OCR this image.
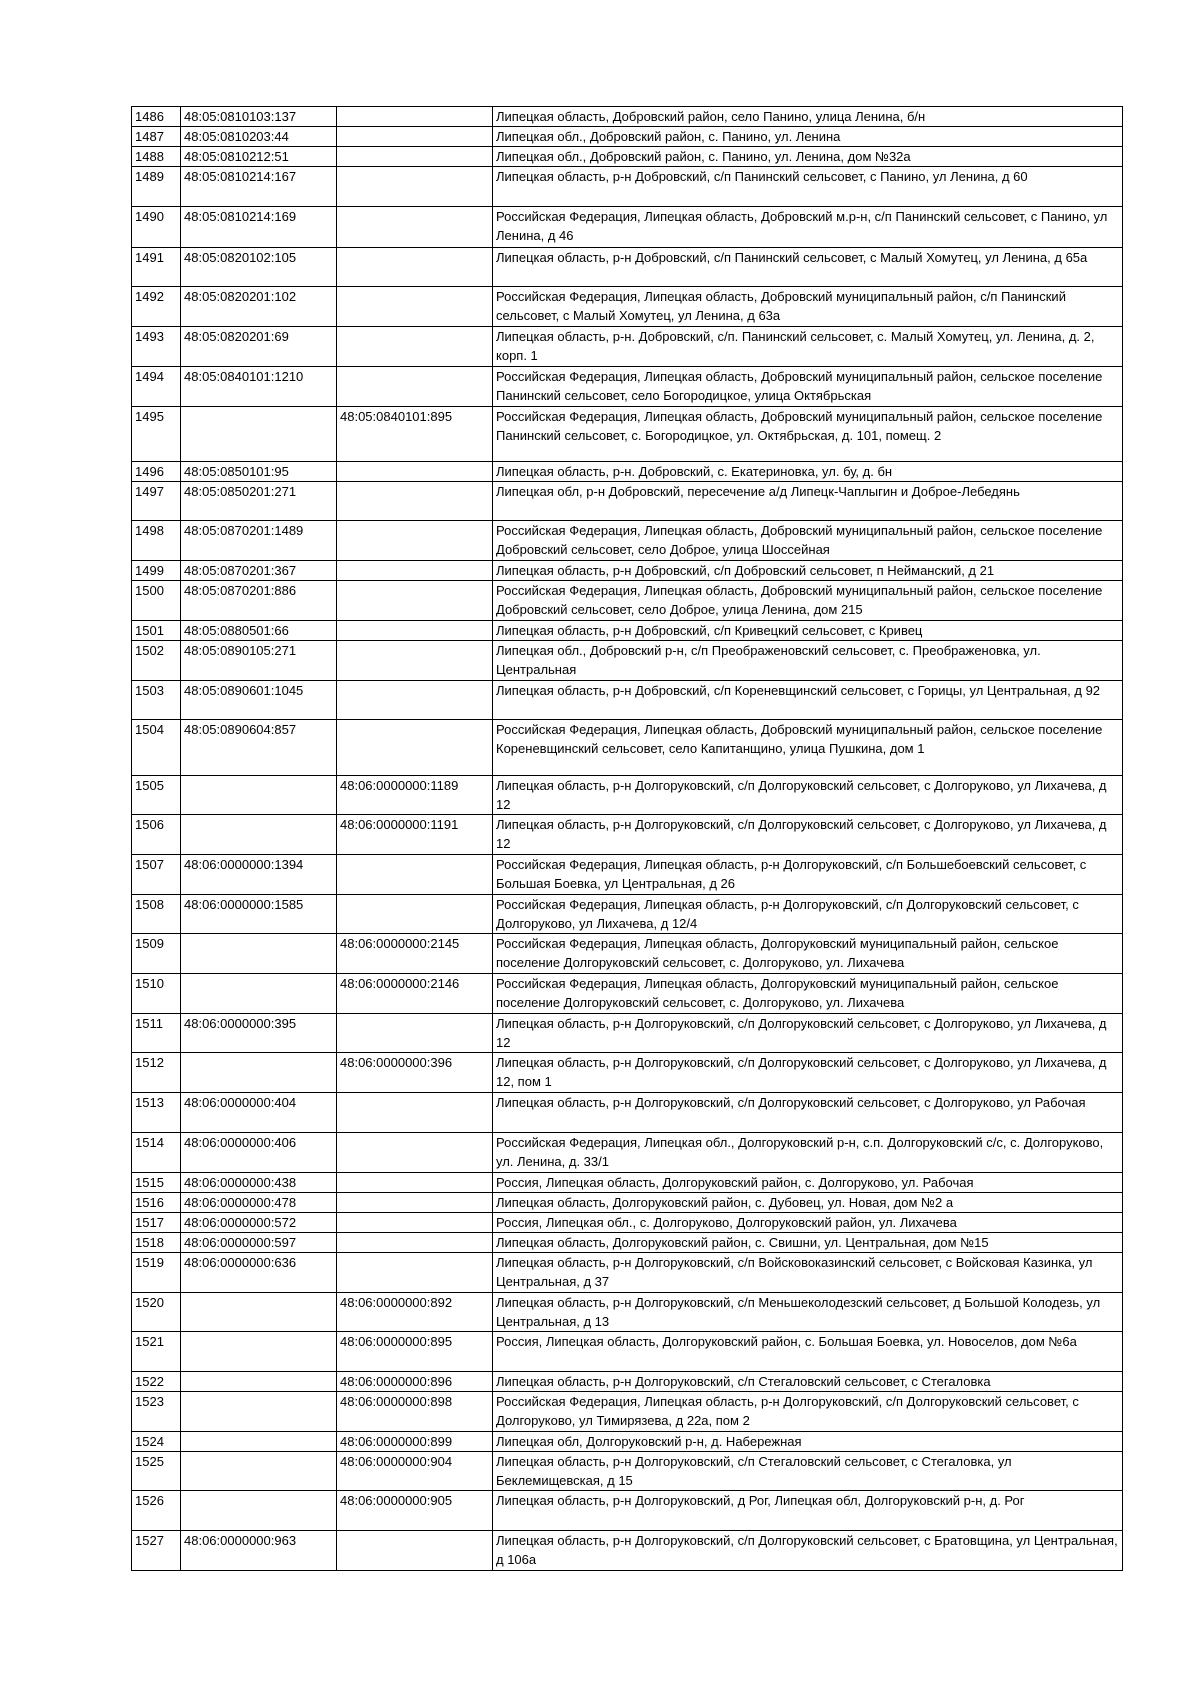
1486	48:05:0810103:137		Липецкая область, Добровский район, село Панино, улица Ленина, б/н
1487	48:05:0810203:44		Липецкая обл., Добровский район, с. Панино, ул. Ленина
1488	48:05:0810212:51		Липецкая обл., Добровский район, с. Панино, ул. Ленина, дом №32а
1489	48:05:0810214:167		Липецкая область, р-н Добровский, с/п Панинский сельсовет, с Панино, ул Ленина, д 60
1490	48:05:0810214:169		Российская Федерация, Липецкая область, Добровский м.р-н, с/п Панинский сельсовет, с Панино, ул Ленина, д 46
1491	48:05:0820102:105		Липецкая область, р-н Добровский, с/п Панинский сельсовет, с Малый Хомутец, ул Ленина, д 65а
1492	48:05:0820201:102		Российская Федерация, Липецкая область, Добровский муниципальный район, с/п Панинский сельсовет, с Малый Хомутец, ул Ленина, д 63а
1493	48:05:0820201:69		Липецкая область, р-н. Добровский, с/п. Панинский сельсовет, с. Малый Хомутец, ул. Ленина, д. 2, корп. 1
1494	48:05:0840101:1210		Российская Федерация, Липецкая область, Добровский муниципальный район, сельское поселение Панинский сельсовет, село Богородицкое, улица Октябрьская
1495		48:05:0840101:895	Российская Федерация, Липецкая область, Добровский муниципальный район, сельское поселение Панинский сельсовет, с. Богородицкое, ул. Октябрьская, д. 101, помещ. 2
1496	48:05:0850101:95		Липецкая область, р-н. Добровский, с. Екатериновка, ул. бу, д. бн
1497	48:05:0850201:271		Липецкая обл, р-н Добровский, пересечение а/д Липецк-Чаплыгин и Доброе-Лебедянь
1498	48:05:0870201:1489		Российская Федерация, Липецкая область, Добровский муниципальный район, сельское поселение Добровский сельсовет, село Доброе, улица Шоссейная
1499	48:05:0870201:367		Липецкая область, р-н Добровский, с/п Добровский сельсовет, п Нейманский, д 21
1500	48:05:0870201:886		Российская Федерация, Липецкая область, Добровский муниципальный район, сельское поселение Добровский сельсовет, село Доброе, улица Ленина, дом 215
1501	48:05:0880501:66		Липецкая область, р-н Добровский, с/п Кривецкий сельсовет, с Кривец
1502	48:05:0890105:271		Липецкая обл., Добровский р-н, с/п Преображеновский сельсовет, с. Преображеновка, ул. Центральная
1503	48:05:0890601:1045		Липецкая область, р-н Добровский, с/п Кореневщинский сельсовет, с Горицы, ул Центральная, д 92
1504	48:05:0890604:857		Российская Федерация, Липецкая область, Добровский муниципальный район, сельское поселение Кореневщинский сельсовет, село Капитанщино, улица Пушкина, дом 1
1505		48:06:0000000:1189	Липецкая область, р-н Долгоруковский, с/п Долгоруковский сельсовет, с Долгоруково, ул Лихачева, д 12
1506		48:06:0000000:1191	Липецкая область, р-н Долгоруковский, с/п Долгоруковский сельсовет, с Долгоруково, ул Лихачева, д 12
1507	48:06:0000000:1394		Российская Федерация, Липецкая область, р-н Долгоруковский, с/п Большебоевский сельсовет, с Большая Боевка, ул Центральная, д 26
1508	48:06:0000000:1585		Российская Федерация, Липецкая область, р-н Долгоруковский, с/п Долгоруковский сельсовет, с Долгоруково, ул Лихачева, д 12/4
1509		48:06:0000000:2145	Российская Федерация, Липецкая область, Долгоруковский муниципальный район, сельское поселение Долгоруковский сельсовет, с. Долгоруково, ул. Лихачева
1510		48:06:0000000:2146	Российская Федерация, Липецкая область, Долгоруковский муниципальный район, сельское поселение Долгоруковский сельсовет, с. Долгоруково, ул. Лихачева
1511	48:06:0000000:395		Липецкая область, р-н Долгоруковский, с/п Долгоруковский сельсовет, с Долгоруково, ул Лихачева, д 12
1512		48:06:0000000:396	Липецкая область, р-н Долгоруковский, с/п Долгоруковский сельсовет, с Долгоруково, ул Лихачева, д 12, пом 1
1513	48:06:0000000:404		Липецкая область, р-н Долгоруковский, с/п Долгоруковский сельсовет, с Долгоруково, ул Рабочая
1514	48:06:0000000:406		Российская Федерация, Липецкая обл., Долгоруковский р-н, с.п. Долгоруковский с/с, с. Долгоруково, ул. Ленина, д. 33/1
1515	48:06:0000000:438		Россия, Липецкая область, Долгоруковский район, с. Долгоруково, ул. Рабочая
1516	48:06:0000000:478		Липецкая область, Долгоруковский район, с. Дубовец, ул. Новая, дом №2 а
1517	48:06:0000000:572		Россия, Липецкая обл., с. Долгоруково, Долгоруковский район, ул. Лихачева
1518	48:06:0000000:597		Липецкая область, Долгоруковский район, с. Свишни, ул. Центральная, дом №15
1519	48:06:0000000:636		Липецкая область, р-н Долгоруковский, с/п Войсковоказинский сельсовет, с Войсковая Казинка, ул Центральная, д 37
1520		48:06:0000000:892	Липецкая область, р-н Долгоруковский, с/п Меньшеколодезский сельсовет, д Большой Колодезь, ул Центральная, д 13
1521		48:06:0000000:895	Россия, Липецкая область, Долгоруковский район, с. Большая Боевка, ул. Новоселов, дом №6а
1522		48:06:0000000:896	Липецкая область, р-н Долгоруковский, с/п Стегаловский сельсовет, с Стегаловка
1523		48:06:0000000:898	Российская Федерация, Липецкая область, р-н Долгоруковский, с/п Долгоруковский сельсовет, с Долгоруково, ул Тимирязева, д 22а, пом 2
1524		48:06:0000000:899	Липецкая обл, Долгоруковский р-н, д. Набережная
1525		48:06:0000000:904	Липецкая область, р-н Долгоруковский, с/п Стегаловский сельсовет, с Стегаловка, ул Беклемищевская, д 15
1526		48:06:0000000:905	Липецкая область, р-н Долгоруковский, д Рог, Липецкая обл, Долгоруковский р-н, д. Рог
1527	48:06:0000000:963		Липецкая область, р-н Долгоруковский, с/п Долгоруковский сельсовет, с Братовщина, ул Центральная, д 106а
